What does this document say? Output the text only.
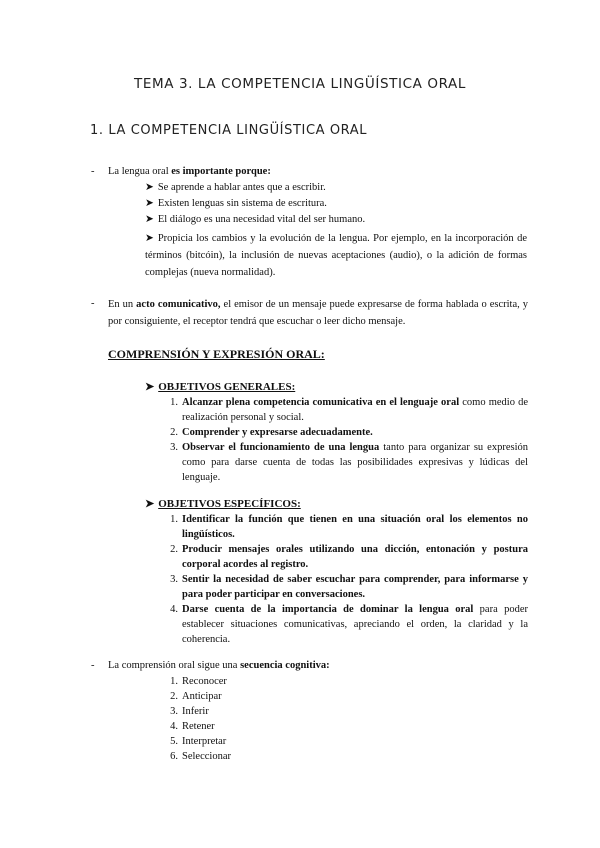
TEMA 3. LA COMPETENCIA LINGÜÍSTICA ORAL
1. LA COMPETENCIA LINGÜÍSTICA ORAL
- La lengua oral es importante porque:
➤ Se aprende a hablar antes que a escribir.
➤ Existen lenguas sin sistema de escritura.
➤ El diálogo es una necesidad vital del ser humano.
➤ Propicia los cambios y la evolución de la lengua. Por ejemplo, en la incorporación de términos (bitcóin), la inclusión de nuevas aceptaciones (audio), o la adición de formas complejas (nueva normalidad).
- En un acto comunicativo, el emisor de un mensaje puede expresarse de forma hablada o escrita, y por consiguiente, el receptor tendrá que escuchar o leer dicho mensaje.
COMPRENSIÓN Y EXPRESIÓN ORAL:
➤ OBJETIVOS GENERALES:
1. Alcanzar plena competencia comunicativa en el lenguaje oral como medio de realización personal y social.
2. Comprender y expresarse adecuadamente.
3. Observar el funcionamiento de una lengua tanto para organizar su expresión como para darse cuenta de todas las posibilidades expresivas y lúdicas del lenguaje.
➤ OBJETIVOS ESPECÍFICOS:
1. Identificar la función que tienen en una situación oral los elementos no lingüísticos.
2. Producir mensajes orales utilizando una dicción, entonación y postura corporal acordes al registro.
3. Sentir la necesidad de saber escuchar para comprender, para informarse y para poder participar en conversaciones.
4. Darse cuenta de la importancia de dominar la lengua oral para poder establecer situaciones comunicativas, apreciando el orden, la claridad y la coherencia.
- La comprensión oral sigue una secuencia cognitiva:
1. Reconocer
2. Anticipar
3. Inferir
4. Retener
5. Interpretar
6. Seleccionar
